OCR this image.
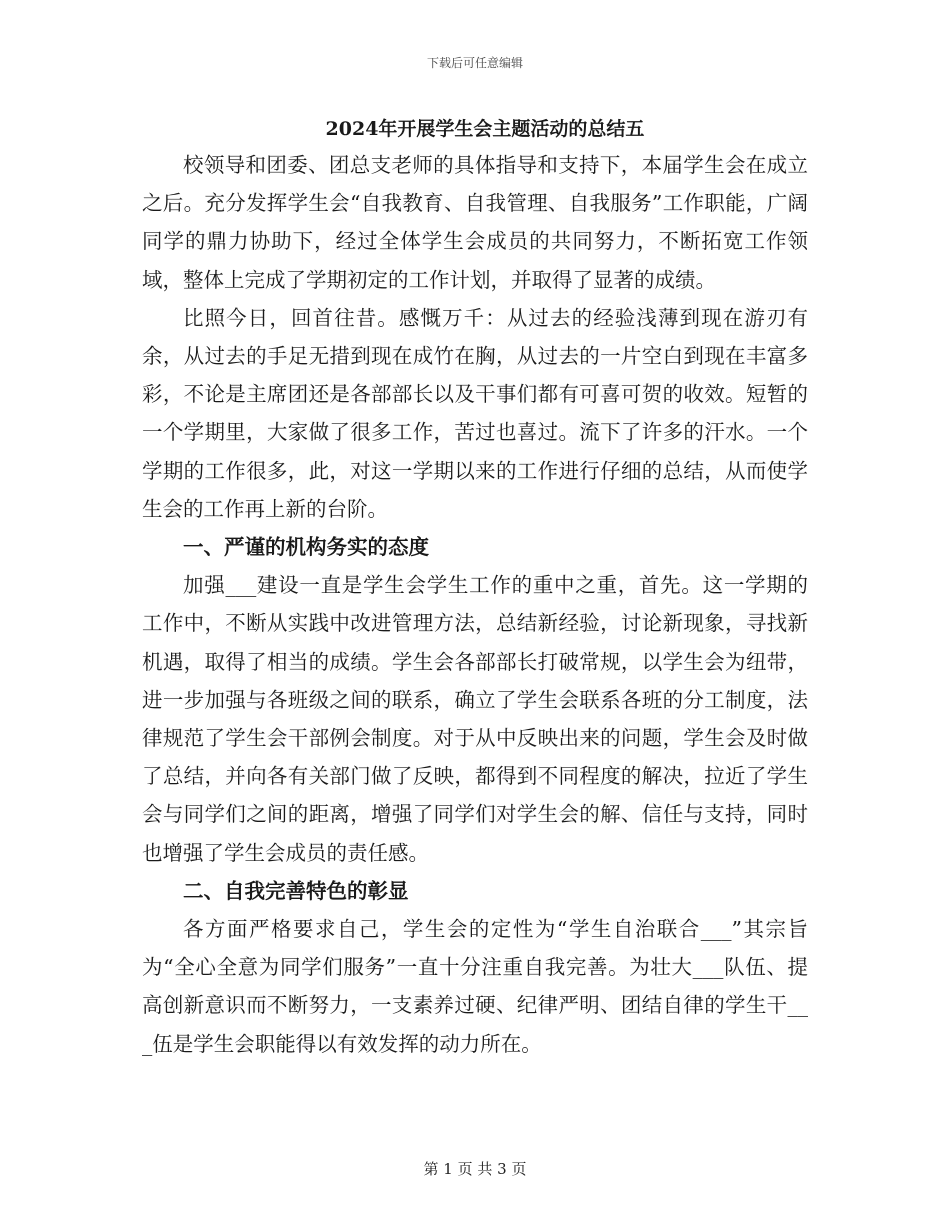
下载后可任意编辑
2024年开展学生会主题活动的总结五

校领导和团委、团总支老师的具体指导和支持下，本届学生会在成立之后。充分发挥学生会“自我教育、自我管理、自我服务”工作职能，广阔同学的鼎力协助下，经过全体学生会成员的共同努力，不断拓宽工作领域，整体上完成了学期初定的工作计划，并取得了显著的成绩。

比照今日，回首往昔。感慨万千：从过去的经验浅薄到现在游刃有余，从过去的手足无措到现在成竹在胸，从过去的一片空白到现在丰富多彩，不论是主席团还是各部部长以及干事们都有可喜可贺的收效。短暂的一个学期里，大家做了很多工作，苦过也喜过。流下了许多的汗水。一个学期的工作很多，此，对这一学期以来的工作进行仔细的总结，从而使学生会的工作再上新的台阶。

一、严谨的机构务实的态度

加强___建设一直是学生会学生工作的重中之重，首先。这一学期的工作中，不断从实践中改进管理方法，总结新经验，讨论新现象，寻找新机遇，取得了相当的成绩。学生会各部部长打破常规，以学生会为纽带，进一步加强与各班级之间的联系，确立了学生会联系各班的分工制度，法律规范了学生会干部例会制度。对于从中反映出来的问题，学生会及时做了总结，并向各有关部门做了反映，都得到不同程度的解决，拉近了学生会与同学们之间的距离，增强了同学们对学生会的解、信任与支持，同时也增强了学生会成员的责任感。

二、自我完善特色的彰显

各方面严格要求自己，学生会的定性为“学生自治联合___”其宗旨为“全心全意为同学们服务”一直十分注重自我完善。为壮大___队伍、提高创新意识而不断努力，一支素养过硬、纪律严明、团结自律的学生干___伍是学生会职能得以有效发挥的动力所在。

第 1 页 共 3 页
